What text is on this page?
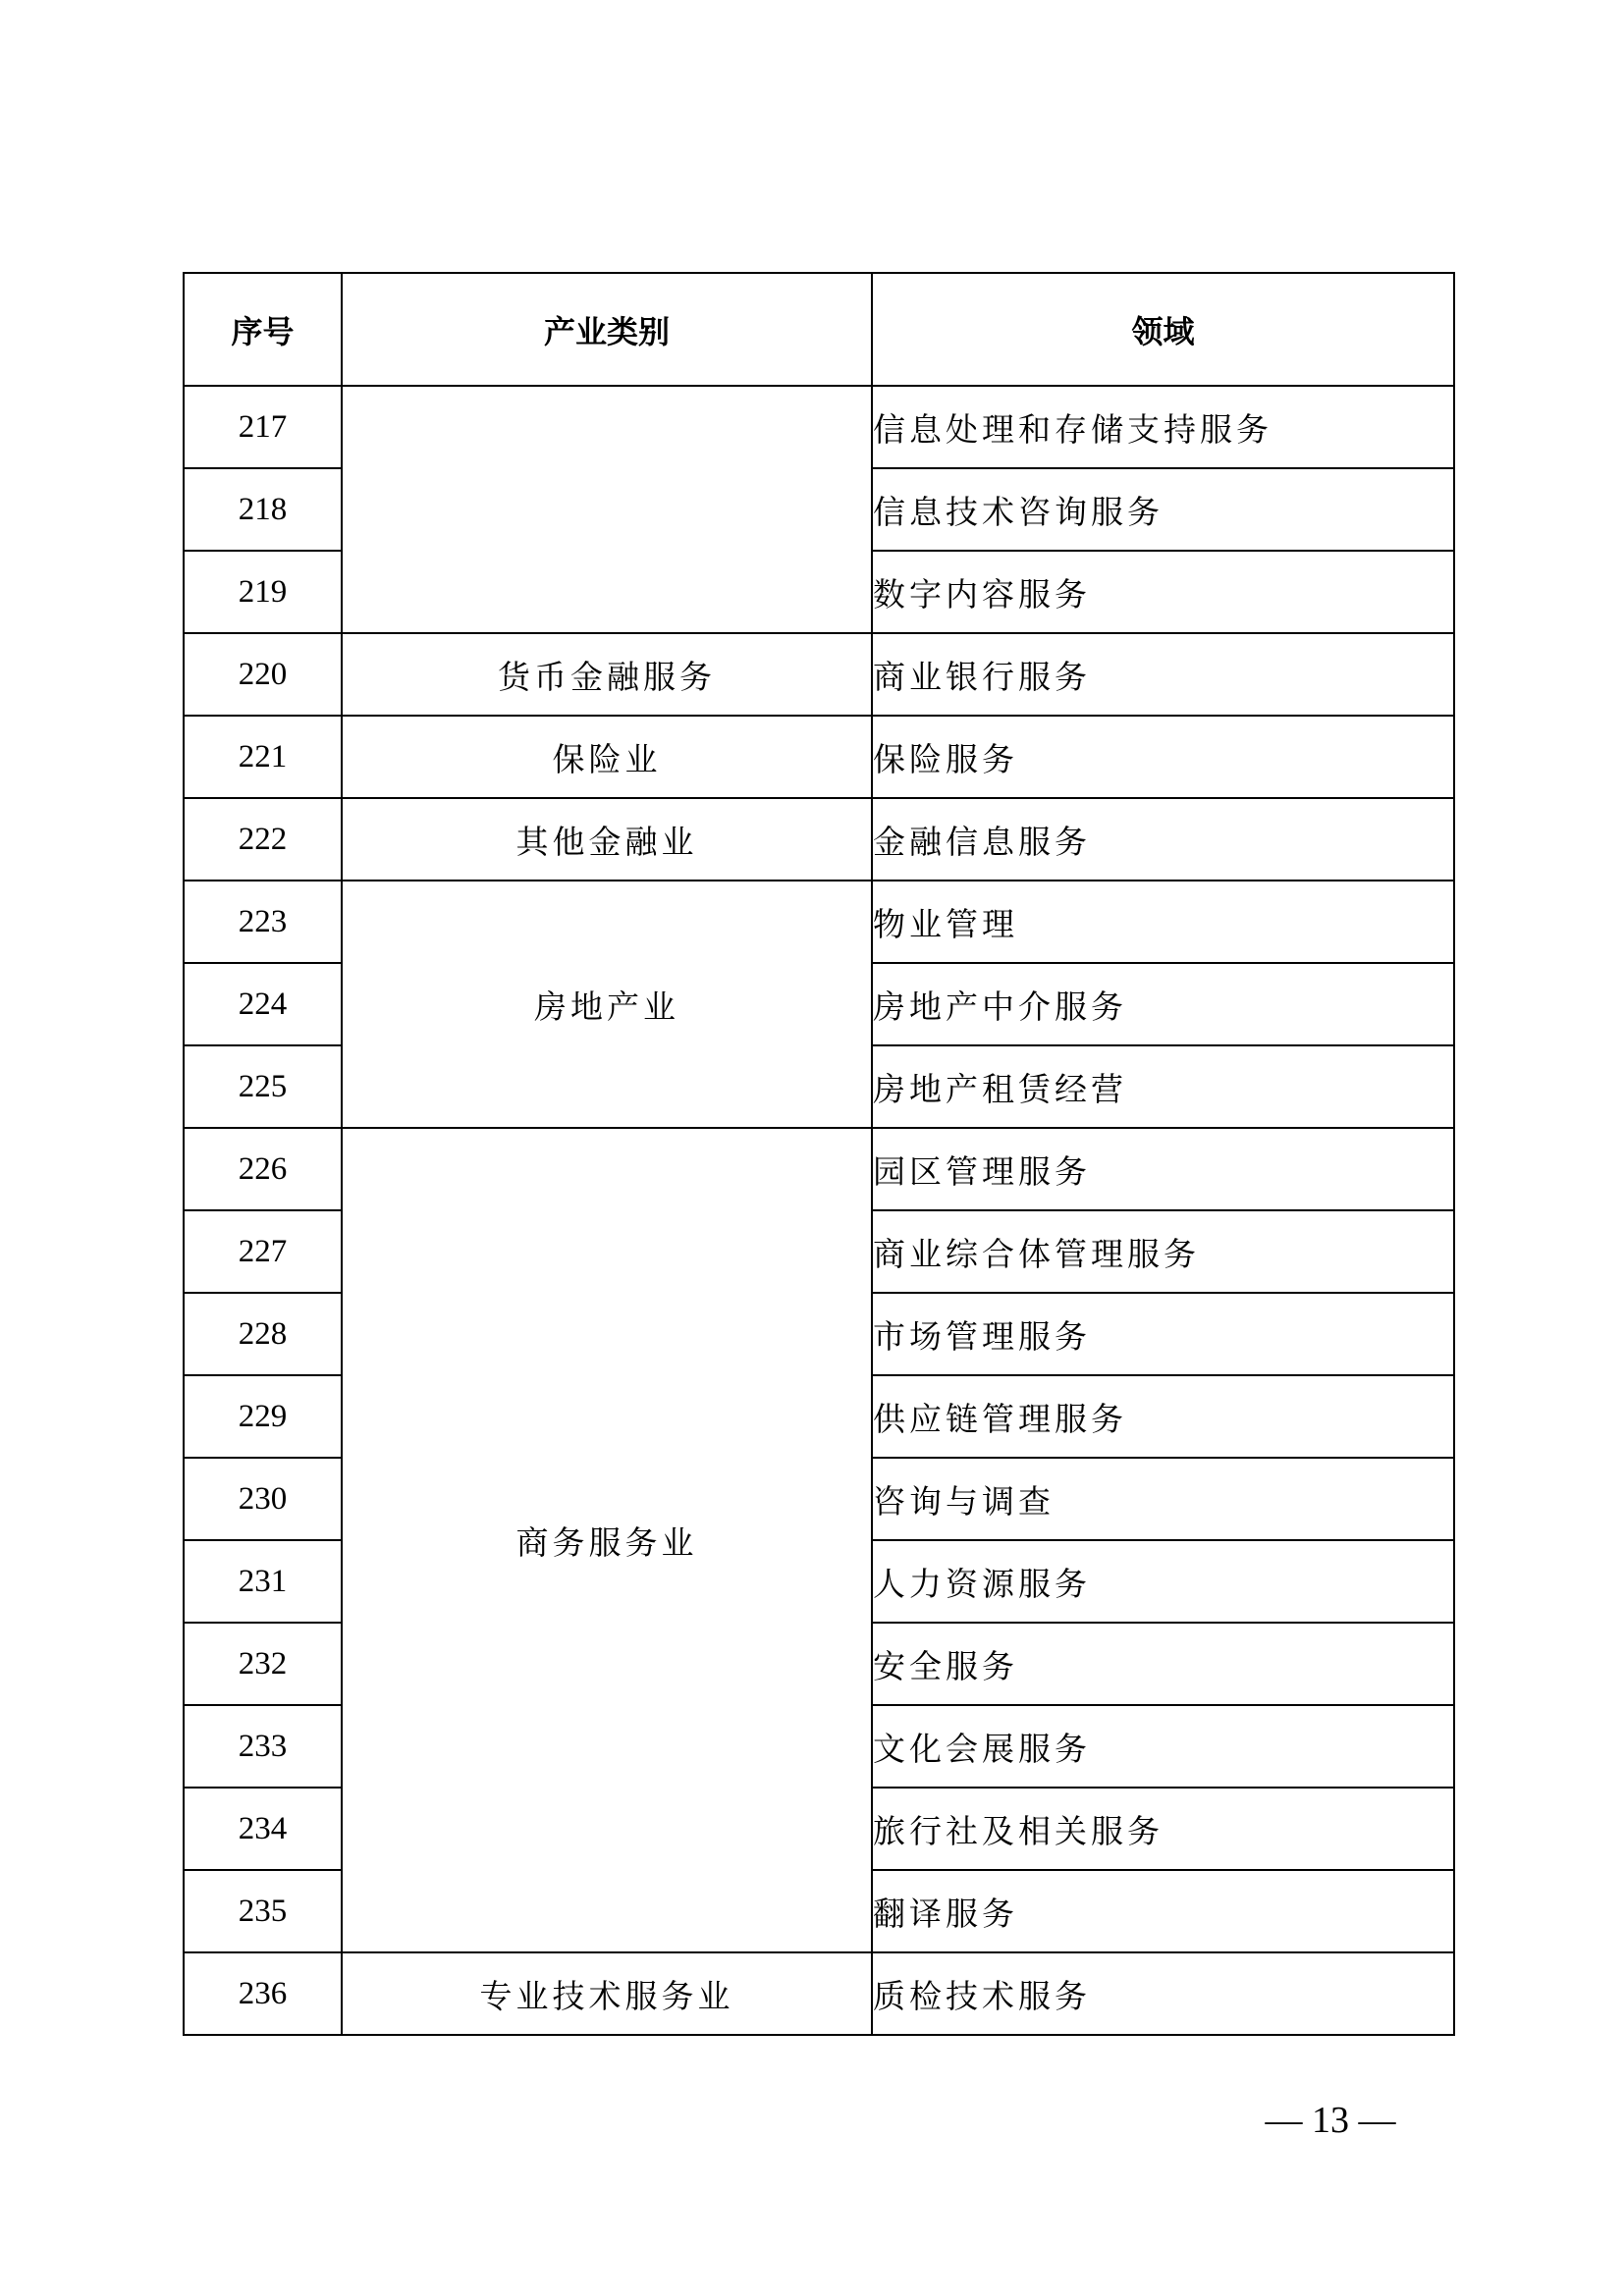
序号	产业类别	领域
217		信息处理和存储支持服务
218		信息技术咨询服务
219		数字内容服务
220	货币金融服务	商业银行服务
221	保险业	保险服务
222	其他金融业	金融信息服务
223	房地产业	物业管理
224		房地产中介服务
225		房地产租赁经营
226	商务服务业	园区管理服务
227		商业综合体管理服务
228		市场管理服务
229		供应链管理服务
230		咨询与调查
231		人力资源服务
232		安全服务
233		文化会展服务
234		旅行社及相关服务
235		翻译服务
236	专业技术服务业	质检技术服务
— 13 —
